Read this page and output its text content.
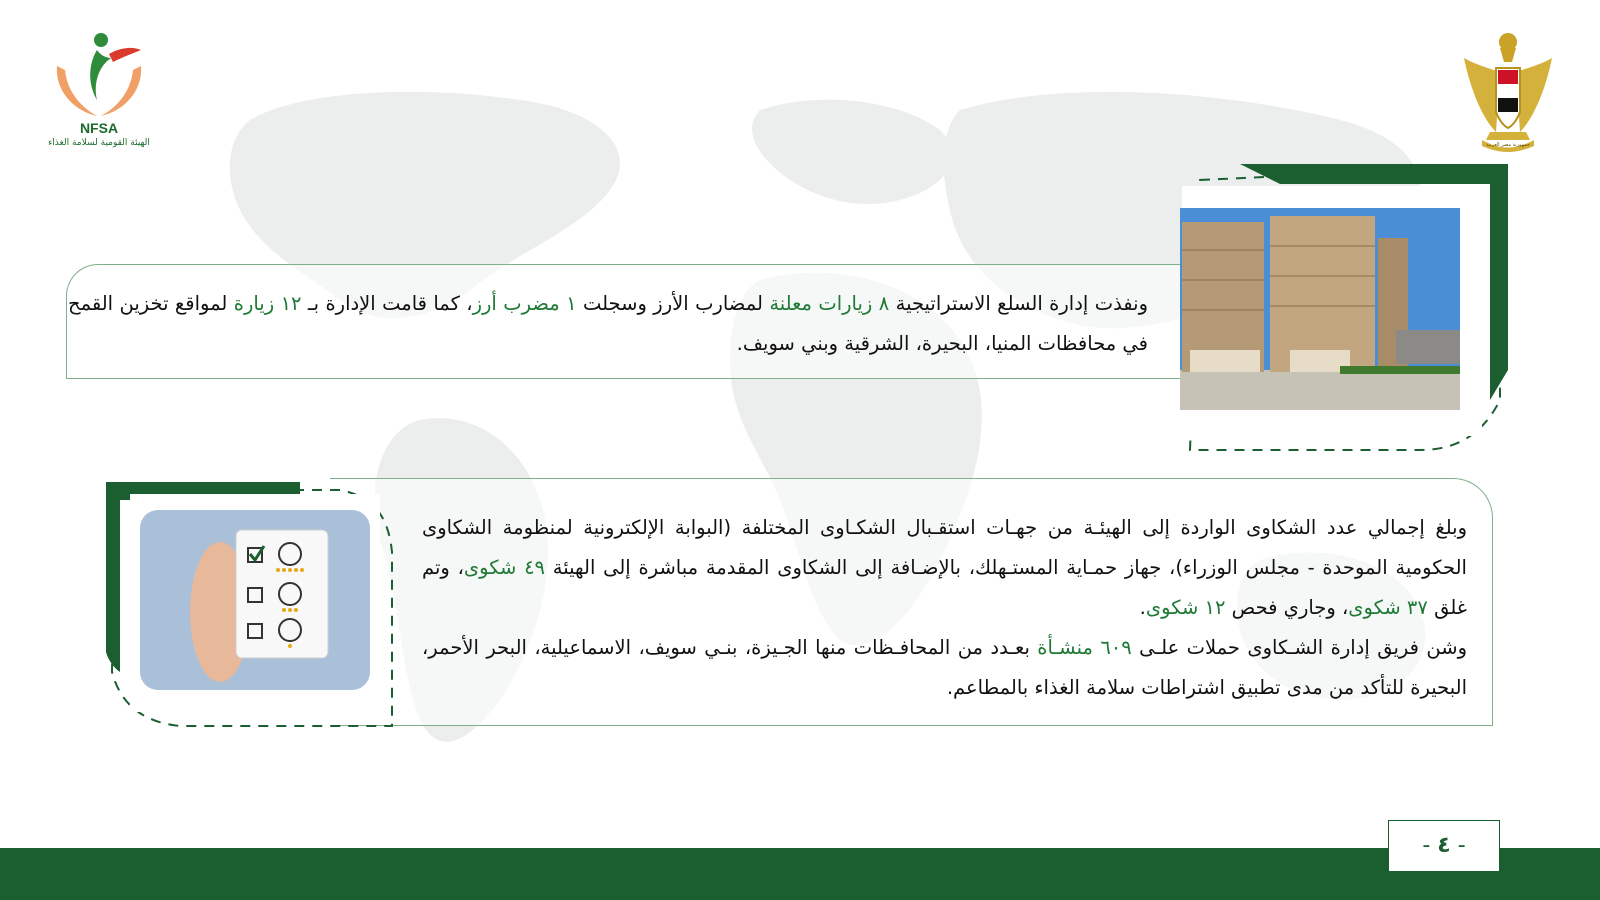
NFSA
الهيئة القومية لسلامة الغذاء	جمهورية مصر العربية
ونفذت إدارة السلع الاستراتيجية ٨ زيارات معلنة لمضارب الأرز وسجلت ١ مضرب أرز، كما قامت الإدارة بـ ١٢ زيارة لمواقع تخزين القمح في محافظات المنيا، البحيرة، الشرقية وبني سويف.
وبلغ إجمالي عدد الشكاوى الواردة إلى الهيئـة من جهـات استقـبال الشكـاوى المختلفة (البوابة الإلكترونية لمنظومة الشكاوى الحكومية الموحدة - مجلس الوزراء)، جهاز حمـاية المستـهلك، بالإضـافة إلى الشكاوى المقدمة مباشرة إلى الهيئة ٤٩ شكوى، وتم غلق ٣٧ شكوى، وجاري فحص ١٢ شكوى.
وشن فريق إدارة الشـكاوى حملات علـى ٦٠٩ منشـأة بعـدد من المحافـظات منها الجـيزة، بنـي سويف، الاسماعيلية، البحر الأحمر، البحيرة للتأكد من مدى تطبيق اشتراطات سلامة الغذاء بالمطاعم.
- ٤ -
